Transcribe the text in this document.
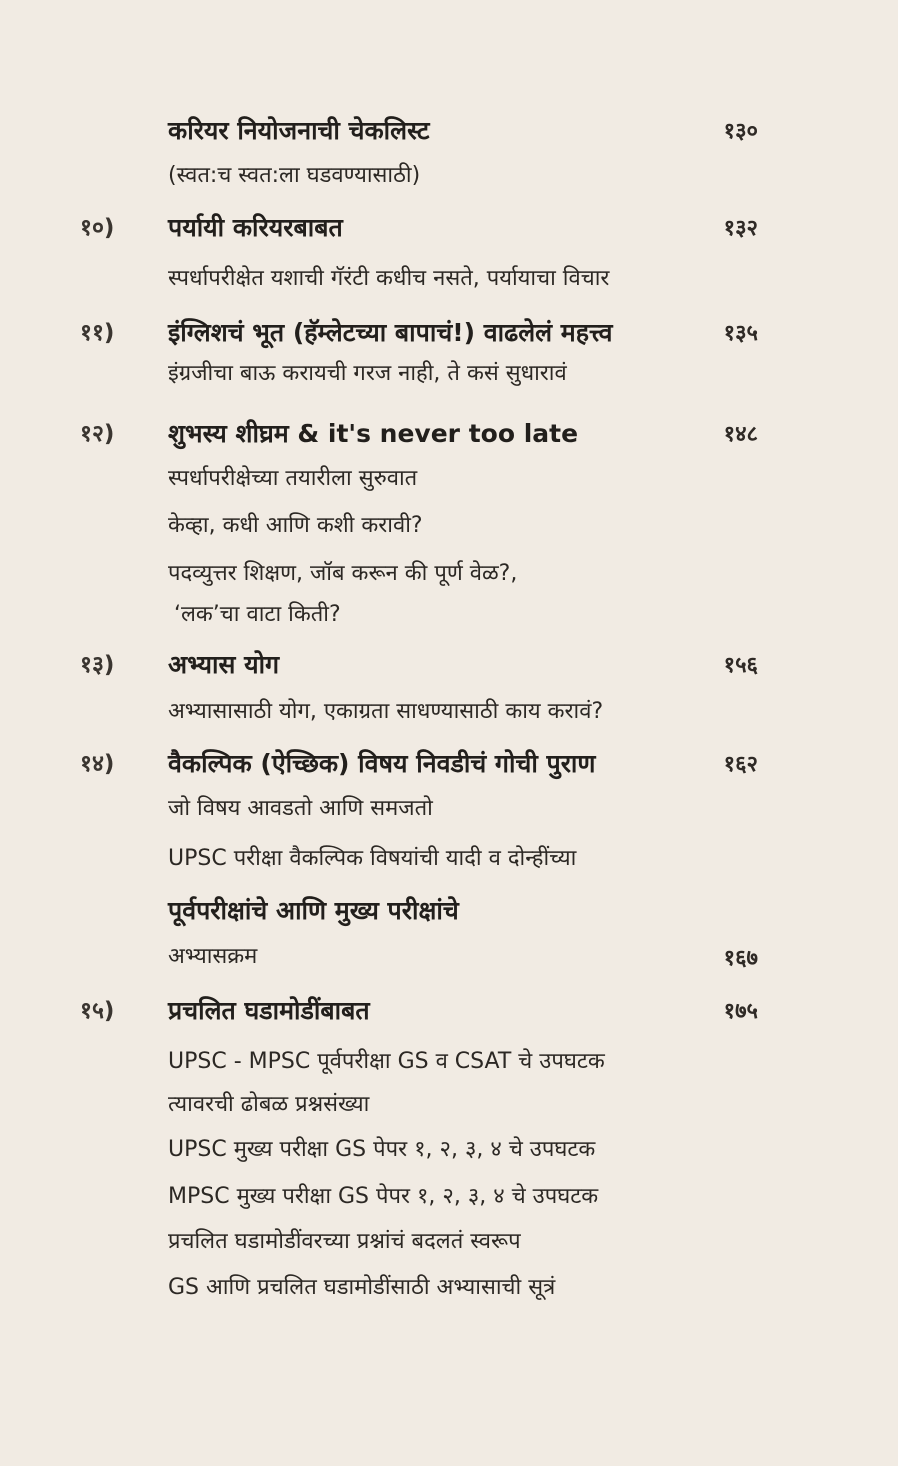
करियर नियोजनाची चेकलिस्ट	१३०
(स्वत:च स्वत:ला घडवण्यासाठी)
१०) पर्यायी करियरबाबत	१३२
स्पर्धापरीक्षेत यशाची गॅरंटी कधीच नसते, पर्यायाचा विचार
११) इंग्लिशचं भूत (हॅम्लेटच्या बापाचं!) वाढलेलं महत्त्व	१३५
इंग्रजीचा बाऊ करायची गरज नाही, ते कसं सुधारावं
१२) शुभस्य शीघ्रम & it's never too late	१४८
स्पर्धापरीक्षेच्या तयारीला सुरुवात
केव्हा, कधी आणि कशी करावी?
पदव्युत्तर शिक्षण, जॉब करून की पूर्ण वेळ?,
‘लक’चा वाटा किती?
१३) अभ्यास योग	१५६
अभ्यासासाठी योग, एकाग्रता साधण्यासाठी काय करावं?
१४) वैकल्पिक (ऐच्छिक) विषय निवडीचं गोची पुराण	१६२
जो विषय आवडतो आणि समजतो
UPSC परीक्षा वैकल्पिक विषयांची यादी व दोन्हींच्या
पूर्वपरीक्षांचे आणि मुख्य परीक्षांचे
अभ्यासक्रम	१६७
१५) प्रचलित घडामोडींबाबत	१७५
UPSC - MPSC पूर्वपरीक्षा GS व CSAT चे उपघटक
त्यावरची ढोबळ प्रश्नसंख्या
UPSC मुख्य परीक्षा GS पेपर १, २, ३, ४ चे उपघटक
MPSC मुख्य परीक्षा GS पेपर १, २, ३, ४ चे उपघटक
प्रचलित घडामोडींवरच्या प्रश्नांचं बदलतं स्वरूप
GS आणि प्रचलित घडामोडींसाठी अभ्यासाची सूत्रं
